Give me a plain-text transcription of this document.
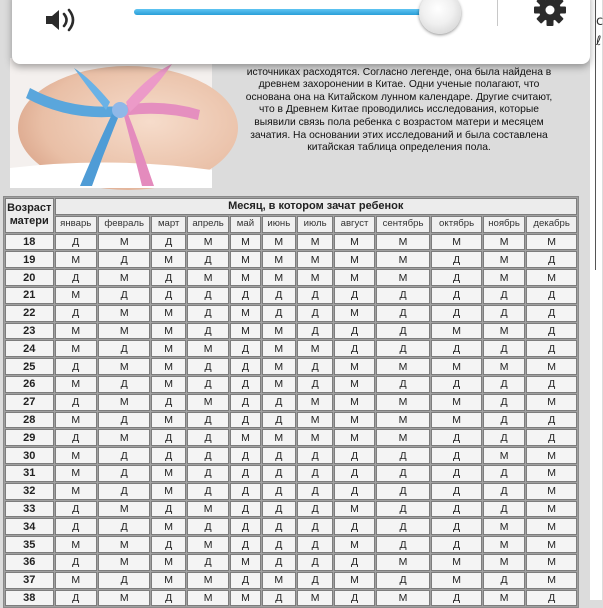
c
ℓ
источниках расходятся. Согласно легенде, она была найдена в
древнем захоронении в Китае. Одни ученые полагают, что
основана она на Китайском лунном календаре. Другие считают,
что в Древнем Китае проводились исследования, которые
выявили связь пола ребенка с возрастом матери и месяцем
зачатия. На основании этих исследований и была составлена
китайская таблица определения пола.
Возраст матери	Месяц, в котором зачат ребенок											
	январь	февраль	март	апрель	май	июнь	июль	август	сентябрь	октябрь	ноябрь	декабрь
18	Д	М	Д	М	М	М	М	М	М	М	М	М
19	М	Д	М	Д	М	М	М	М	М	Д	М	Д
20	Д	М	Д	М	М	М	М	М	М	Д	М	М
21	М	Д	Д	Д	Д	Д	Д	Д	Д	Д	Д	Д
22	Д	М	М	Д	М	Д	Д	М	Д	Д	Д	Д
23	М	М	М	Д	М	М	Д	Д	Д	М	М	Д
24	М	Д	М	М	Д	М	М	Д	Д	Д	Д	Д
25	Д	М	М	Д	Д	М	Д	М	М	М	М	М
26	М	Д	М	Д	Д	М	Д	М	Д	Д	Д	Д
27	Д	М	Д	М	Д	Д	М	М	М	М	Д	М
28	М	Д	М	Д	Д	Д	М	М	М	М	Д	Д
29	Д	М	Д	Д	М	М	М	М	М	Д	Д	Д
30	М	Д	Д	Д	Д	Д	Д	Д	Д	Д	М	М
31	М	Д	М	Д	Д	Д	Д	Д	Д	Д	Д	М
32	М	Д	М	Д	Д	Д	Д	Д	Д	Д	Д	М
33	Д	М	Д	М	Д	Д	Д	М	Д	Д	Д	М
34	Д	Д	М	Д	Д	Д	Д	Д	Д	Д	М	М
35	М	М	Д	М	Д	Д	Д	М	Д	Д	М	М
36	Д	М	М	Д	М	Д	Д	Д	М	М	М	М
37	М	Д	М	М	Д	М	Д	М	Д	М	Д	М
38	Д	М	Д	М	М	Д	М	Д	М	Д	М	Д
